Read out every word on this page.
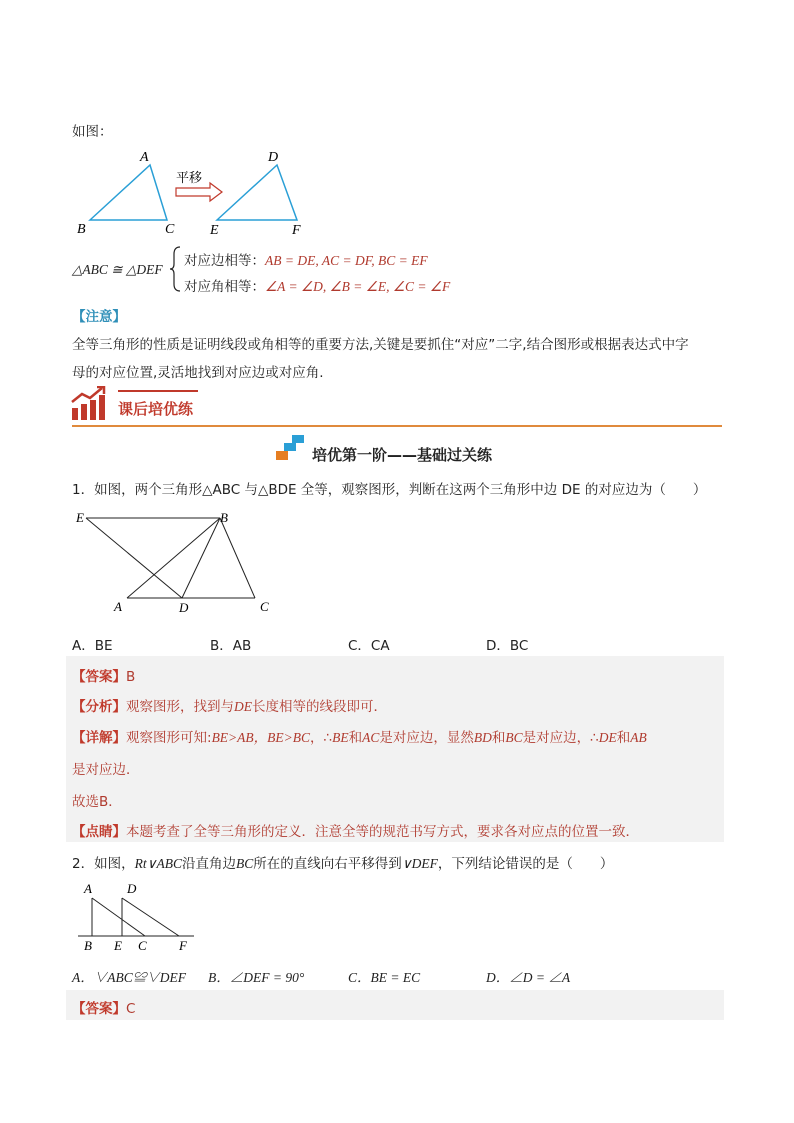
如图：
A
B	C
D
E	F
平移
△ABC ≅ △DEF
对应边相等：AB = DE, AC = DF, BC = EF
对应角相等：∠A = ∠D, ∠B = ∠E, ∠C = ∠F
【注意】
全等三角形的性质是证明线段或角相等的重要方法,关键是要抓住“对应”二字,结合图形或根据表达式中字
母的对应位置,灵活地找到对应边或对应角.
课后培优练
培优第一阶——基础过关练
1．如图，两个三角形△ABC 与△BDE 全等，观察图形，判断在这两个三角形中边 DE 的对应边为（　　）
E	B
A	D	C
A．BE	B．AB	C．CA	D．BC
【答案】B
【分析】观察图形，找到与DE长度相等的线段即可．
【详解】观察图形可知:BE>AB，BE>BC，∴BE和AC是对应边，显然BD和BC是对应边，∴DE和AB
是对应边．
故选B．
【点睛】本题考查了全等三角形的定义．注意全等的规范书写方式，要求各对应点的位置一致．
2．如图，Rt∨ABC沿直角边BC所在的直线向右平移得到∨DEF，下列结论错误的是（　　）
A	D
B E C F
A．∨ABC≌∨DEF B．∠DEF = 90°	C．BE = EC	D．∠D = ∠A
【答案】C
